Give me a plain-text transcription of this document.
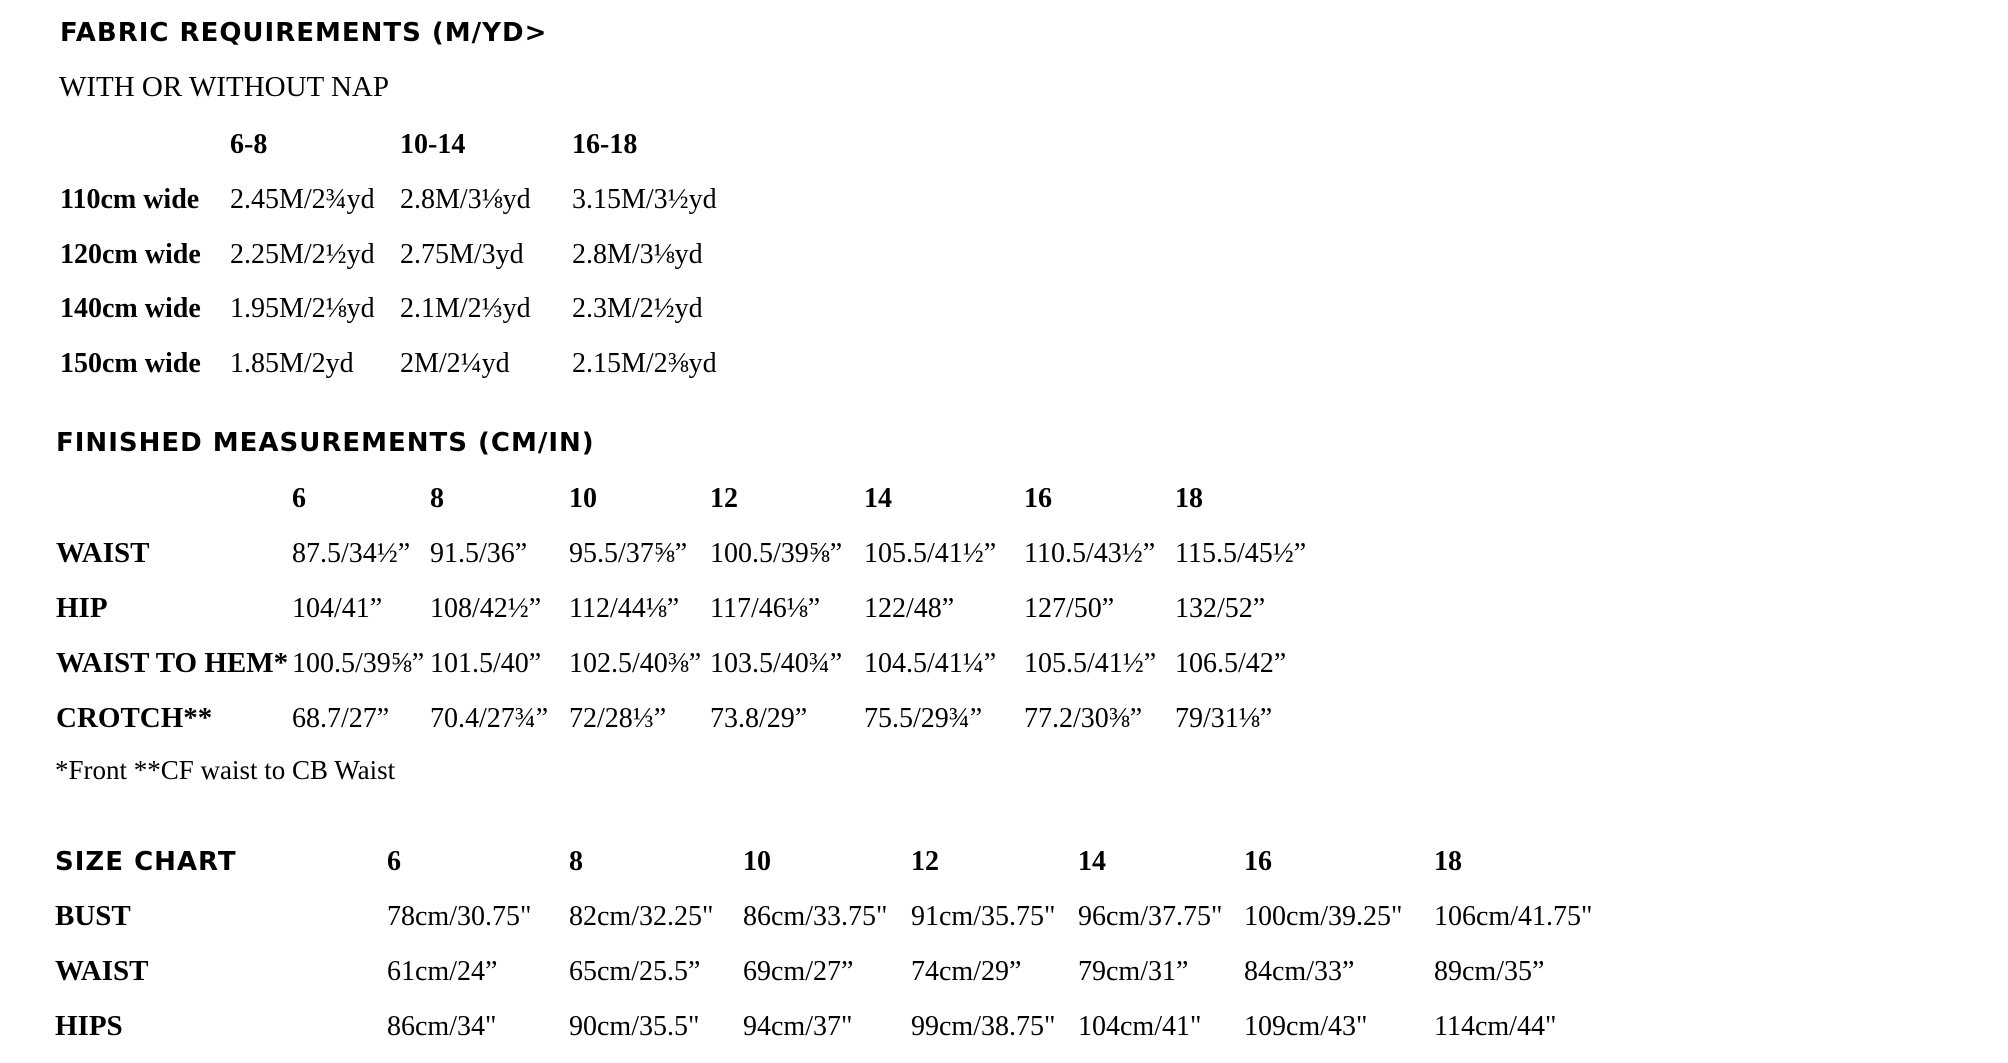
FABRIC REQUIREMENTS (M/YD>
WITH OR WITHOUT NAP
	6-8	10-14	16-18
110cm wide	2.45M/2¾yd	2.8M/3⅛yd	3.15M/3½yd
120cm wide	2.25M/2½yd	2.75M/3yd	2.8M/3⅛yd
140cm wide	1.95M/2⅛yd	2.1M/2⅓yd	2.3M/2½yd
150cm wide	1.85M/2yd	2M/2¼yd	2.15M/2⅜yd
FINISHED MEASUREMENTS (CM/IN)
	6	8	10	12	14	16	18
WAIST	87.5/34½”	91.5/36”	95.5/37⅝”	100.5/39⅝”	105.5/41½”	110.5/43½”	115.5/45½”
HIP	104/41”	108/42½”	112/44⅛”	117/46⅛”	122/48”	127/50”	132/52”
WAIST TO HEM*	100.5/39⅝”	101.5/40”	102.5/40⅜”	103.5/40¾”	104.5/41¼”	105.5/41½”	106.5/42”
CROTCH**	68.7/27”	70.4/27¾”	72/28⅓”	73.8/29”	75.5/29¾”	77.2/30⅜”	79/31⅛”
*Front **CF waist to CB Waist
SIZE CHART	6	8	10	12	14	16	18
BUST	78cm/30.75"	82cm/32.25"	86cm/33.75"	91cm/35.75"	96cm/37.75"	100cm/39.25"	106cm/41.75"
WAIST	61cm/24”	65cm/25.5”	69cm/27”	74cm/29”	79cm/31”	84cm/33”	89cm/35”
HIPS	86cm/34"	90cm/35.5"	94cm/37"	99cm/38.75"	104cm/41"	109cm/43"	114cm/44"
